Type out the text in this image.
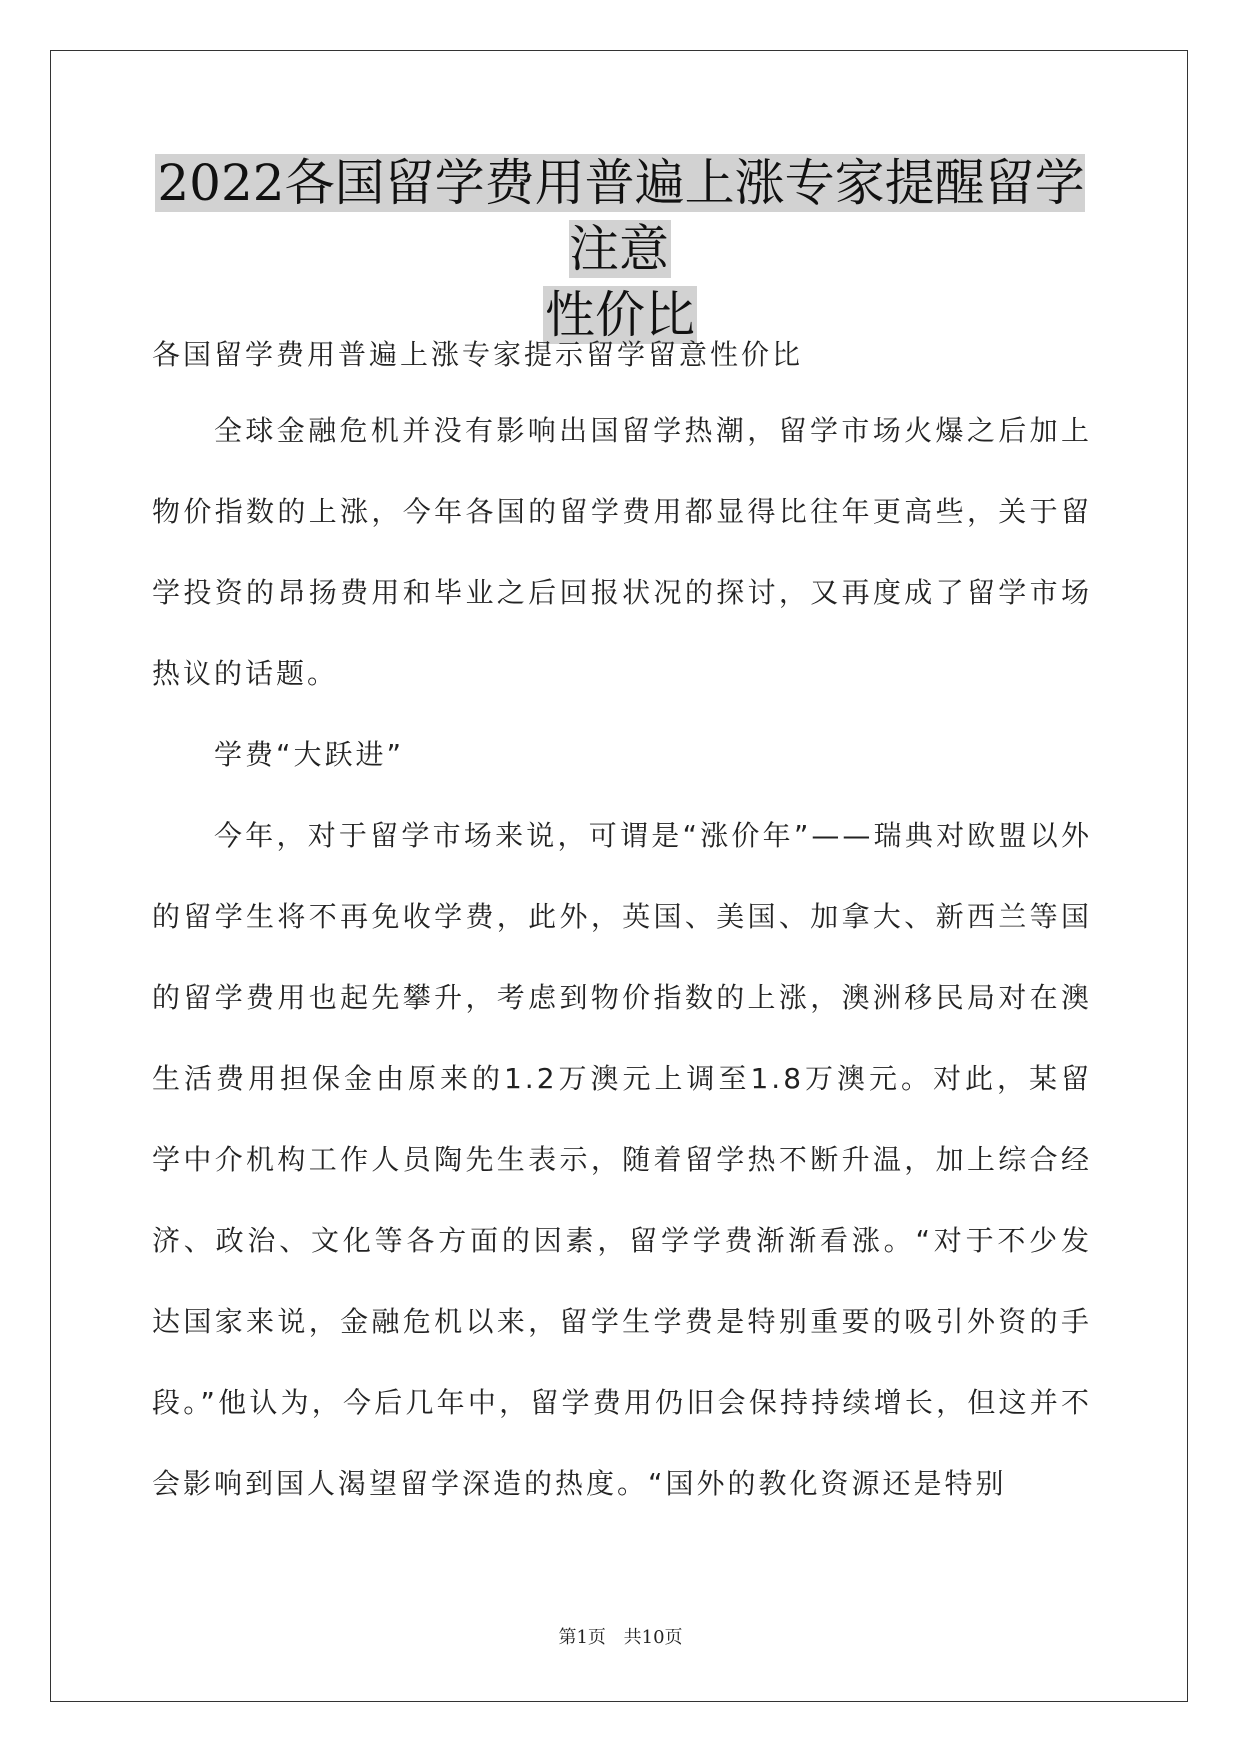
2022各国留学费用普遍上涨专家提醒留学注意
性价比
各国留学费用普遍上涨专家提示留学留意性价比
全球金融危机并没有影响出国留学热潮，留学市场火爆之后加上物价指数的上涨，今年各国的留学费用都显得比往年更高些，关于留学投资的昂扬费用和毕业之后回报状况的探讨，又再度成了留学市场热议的话题。
学费“大跃进”
今年，对于留学市场来说，可谓是“涨价年”——瑞典对欧盟以外的留学生将不再免收学费，此外，英国、美国、加拿大、新西兰等国的留学费用也起先攀升，考虑到物价指数的上涨，澳洲移民局对在澳生活费用担保金由原来的1.2万澳元上调至1.8万澳元。对此，某留学中介机构工作人员陶先生表示，随着留学热不断升温，加上综合经济、政治、文化等各方面的因素，留学学费渐渐看涨。“对于不少发达国家来说，金融危机以来，留学生学费是特别重要的吸引外资的手段。”他认为，今后几年中，留学费用仍旧会保持持续增长，但这并不会影响到国人渴望留学深造的热度。“国外的教化资源还是特别
第1页 共10页
